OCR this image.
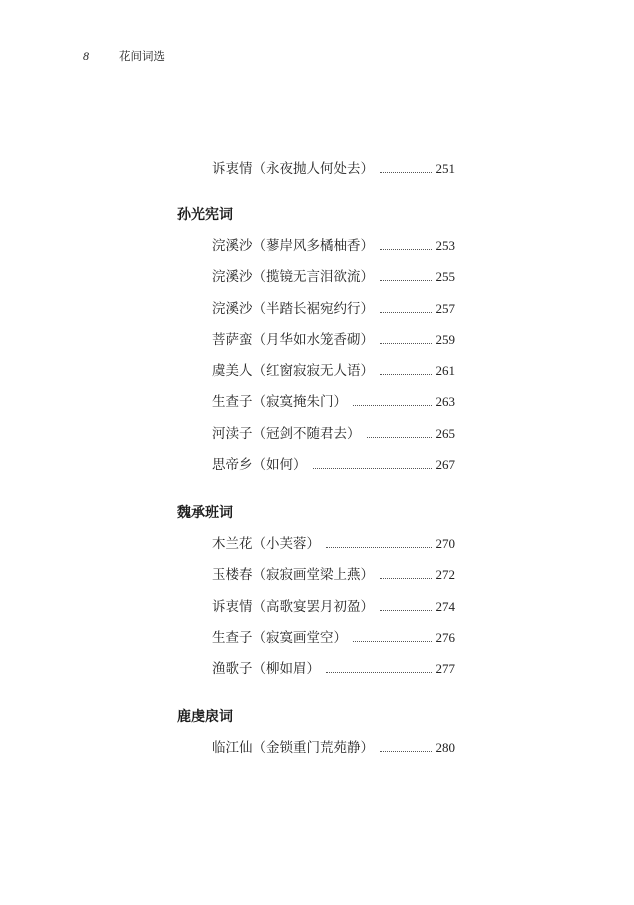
8	花间词选
诉衷情（永夜抛人何处去）	251
孙光宪词
浣溪沙（蓼岸风多橘柚香）	253
浣溪沙（揽镜无言泪欲流）	255
浣溪沙（半踏长裾宛约行）	257
菩萨蛮（月华如水笼香砌）	259
虞美人（红窗寂寂无人语）	261
生查子（寂寞掩朱门）	263
河渎子（冠剑不随君去）	265
思帝乡（如何）	267
魏承班词
木兰花（小芙蓉）	270
玉楼春（寂寂画堂梁上燕）	272
诉衷情（高歌宴罢月初盈）	274
生查子（寂寞画堂空）	276
渔歌子（柳如眉）	277
鹿虔扆词
临江仙（金锁重门荒苑静）	280
